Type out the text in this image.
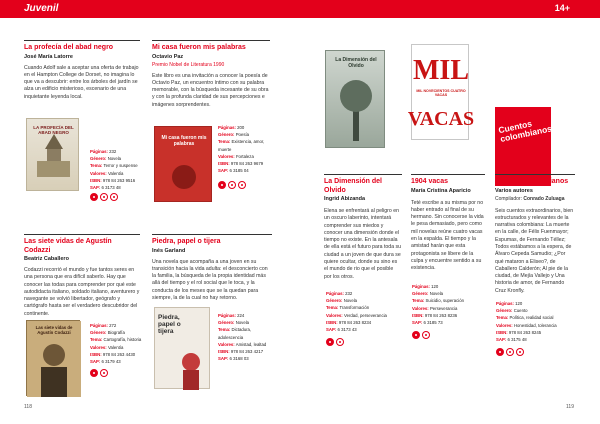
Juvenil	14+
La profecía del abad negro
José María Latorre
Cuando Adolf sale a aceptar una oferta de trabajo en el Hampton College de Dorset, no imagina lo que va a descubrir: entre los árboles del jardín se alza un edificio misterioso, escenario de una inquietante leyenda local.
LA PROFECÍA DEL ABAD NEGRO
Páginas: 232
Género: Novela
Tema: Terror y suspense
Valores: Valentía
ISBN: 978 84 263 9516
SAP: 6 3173 48
Mi casa fueron mis palabras
Octavio Paz
Premio Nobel de Literatura 1990
Este libro es una invitación a conocer la poesía de Octavio Paz, un encuentro íntimo con su palabra memorable, con la búsqueda incesante de su obra y con la profunda claridad de sus percepciones e imágenes sorprendentes.
Mi casa fueron mis palabras
Páginas: 200
Género: Poesía
Tema: Existencia, amor, muerte
Valores: Fortaleza
ISBN: 978 84 263 9679
SAP: 6 3185 04
Las siete vidas de Agustín Codazzi
Beatriz Caballero
Codazzi recorrió el mundo y fue tantos seres en una persona que era difícil saberlo. Hay que conocer las todas para comprender por qué este autodidacta italiano, soldado italiano, aventurero y navegante se volvió libertador, geógrafo y cartógrafo hasta ser el verdadero descubridor del continente.
Las siete vidas de Agustín Codazzi
Páginas: 272
Género: Biografía
Tema: Cartografía, historia
Valores: Valentía
ISBN: 978 84 263 4430
SAP: 6 3179 43
Piedra, papel o tijera
Inés Garland
Una novela que acompaña a una joven en su transición hacia la vida adulta: el desconcierto con la familia, la búsqueda de la propia identidad más allá del tiempo y el rol social que le toca, y la conducta de los meses que se la quedan para siempre, la de la cual no hay retorno.
Piedra, papel o tijera
Páginas: 224
Género: Novela
Tema: Dictadura, adolescencia
Valores: Amistad, lealtad
ISBN: 978 84 263 4217
SAP: 6 3168 03
118
La Dimensión del Olvido	MIL
VACAS
MIL NOVECIENTOS CUATRO VACAS
Cuentos colombianos
La Dimensión del Olvido
Ingrid Abizanda
Elena se enfrentará al peligro en un oscuro laberinto, intentará comprender sus miedos y conocer una dimensión donde el tiempo no existe. En la antesala de ella está el futuro para toda su ciudad a un joven de que dura se quiere ocultar, donde su sino es el mundo de rio que el posible por los otros.
Páginas: 232
Género: Novela
Tema: Transformación
Valores: Verdad, perseverancia
ISBN: 978 84 263 8234
SAP: 6 3173 43
1904 vacas
María Cristina Aparicio
Teté escribe a su misma por no haber entrado al final de su hermano. Sin conocerse la vida le pesa demasiado, pero como mil novelas reúne cuatro vacas en la espalda. El tiempo y la amistad harán que esta protagonista se libere de la culpa y encuentre sentido a su existencia.
Páginas: 120
Género: Novela
Tema: Suicidio, superación
Valores: Perseverancia
ISBN: 978 84 263 8236
SAP: 6 3185 73
Cuentos colombianos
Varios autores
Compilador: Conrado Zuluaga
Seis cuentos extraordinarios, bien estructurados y relevantes de la narrativa colombiana: La muerte en la calle, de Félix Fuenmayor; Espumas, de Fernando Téllez; Todos estábamos a la espera, de Álvaro Cepeda Samudio; ¿Por qué mataron a Eliseo?, de Caballero Calderón; Al pie de la ciudad, de Mejía Vallejo y Una historia de amor, de Fernando Cruz Kronfly.
Páginas: 120
Género: Cuento
Tema: Política, realidad social
Valores: Honestidad, tolerancia
ISBN: 978 84 263 8245
SAP: 6 3175 48
119
